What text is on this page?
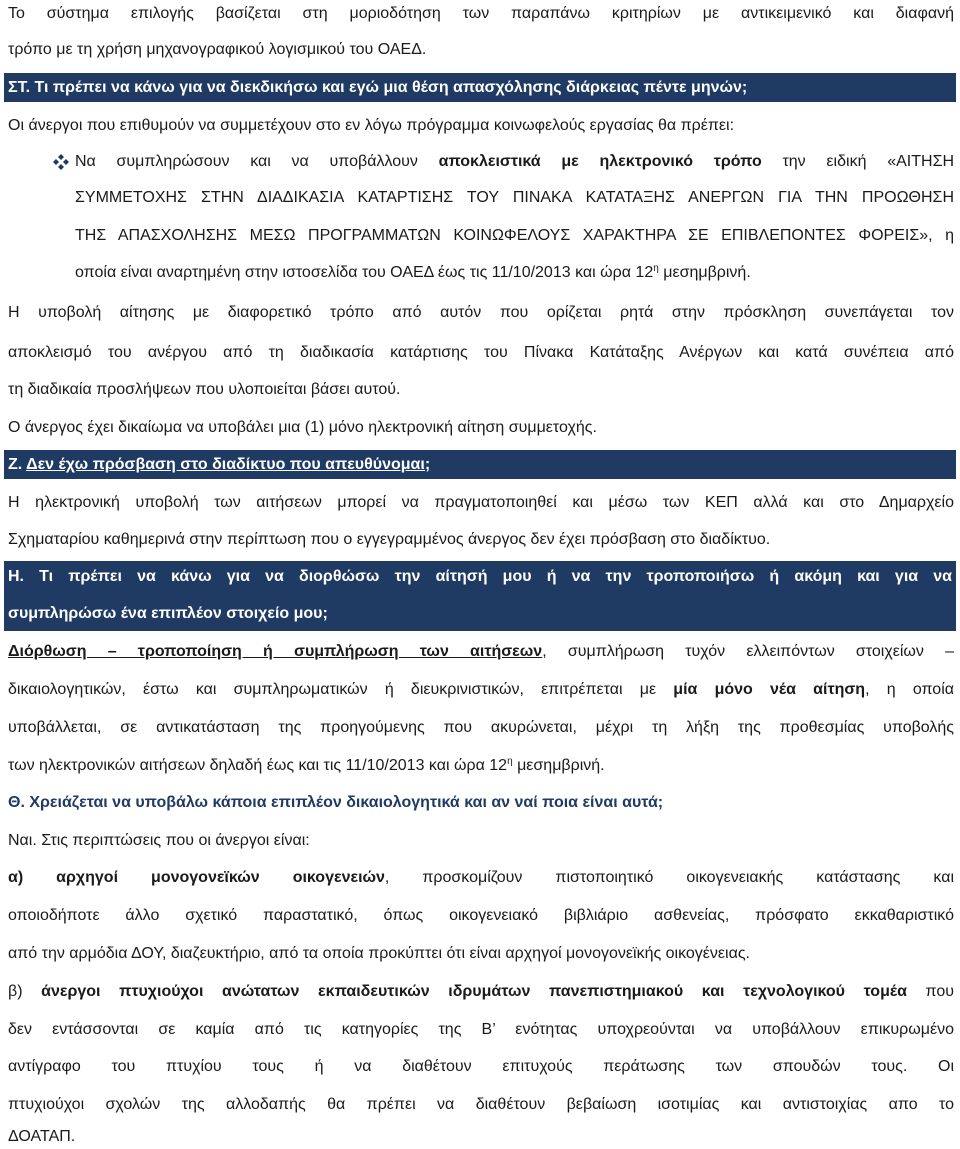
Το σύστημα επιλογής βασίζεται στη μοριοδότηση των παραπάνω κριτηρίων με αντικειμενικό και διαφανή
τρόπο με τη χρήση μηχανογραφικού λογισμικού του ΟΑΕΔ.
ΣΤ. Τι πρέπει να κάνω για να διεκδικήσω και εγώ μια θέση απασχόλησης διάρκειας πέντε μηνών;
Οι άνεργοι που επιθυμούν να συμμετέχουν στο εν λόγω πρόγραμμα κοινωφελούς εργασίας θα πρέπει:
Να συμπληρώσουν και να υποβάλλουν αποκλειστικά με ηλεκτρονικό τρόπο την ειδική «ΑΙΤΗΣΗ
ΣΥΜΜΕΤΟΧΗΣ ΣΤΗΝ ΔΙΑΔΙΚΑΣΙΑ ΚΑΤΑΡΤΙΣΗΣ ΤΟΥ ΠΙΝΑΚΑ ΚΑΤΑΤΑΞΗΣ ΑΝΕΡΓΩΝ ΓΙΑ ΤΗΝ ΠΡΟΩΘΗΣΗ
ΤΗΣ ΑΠΑΣΧΟΛΗΣΗΣ ΜΕΣΩ ΠΡΟΓΡΑΜΜΑΤΩΝ ΚΟΙΝΩΦΕΛΟΥΣ ΧΑΡΑΚΤΗΡΑ ΣΕ ΕΠΙΒΛΕΠΟΝΤΕΣ ΦΟΡΕΙΣ», η
οποία είναι αναρτημένη στην ιστοσελίδα του ΟΑΕΔ έως τις 11/10/2013 και ώρα $12^\eta$ μεσημβρινή.
Η υποβολή αίτησης με διαφορετικό τρόπο από αυτόν που ορίζεται ρητά στην πρόσκληση συνεπάγεται τον
αποκλεισμό του ανέργου από τη διαδικασία κατάρτισης του Πίνακα Κατάταξης Ανέργων και κατά συνέπεια από
τη διαδικαία προσλήψεων που υλοποιείται βάσει αυτού.
Ο άνεργος έχει δικαίωμα να υποβάλει μια (1) μόνο ηλεκτρονική αίτηση συμμετοχής.
Ζ. Δεν έχω πρόσβαση στο διαδίκτυο που απευθύνομαι;
Η ηλεκτρονική υποβολή των αιτήσεων μπορεί να πραγματοποιηθεί και μέσω των ΚΕΠ αλλά και στο Δημαρχείο
Σχηματαρίου καθημερινά στην περίπτωση που ο εγγεγραμμένος άνεργος δεν έχει πρόσβαση στο διαδίκτυο.
Η. Τι πρέπει να κάνω για να διορθώσω την αίτησή μου ή να την τροποποιήσω ή ακόμη και για να
συμπληρώσω ένα επιπλέον στοιχείο μου;
Διόρθωση – τροποποίηση ή συμπλήρωση των αιτήσεων, συμπλήρωση τυχόν ελλειπόντων στοιχείων –
δικαιολογητικών, έστω και συμπληρωματικών ή διευκρινιστικών, επιτρέπεται με μία μόνο νέα αίτηση, η οποία
υποβάλλεται, σε αντικατάσταση της προηγούμενης που ακυρώνεται, μέχρι τη λήξη της προθεσμίας υποβολής
των ηλεκτρονικών αιτήσεων δηλαδή έως και τις 11/10/2013 και ώρα $12^\eta$ μεσημβρινή.
Θ. Χρειάζεται να υποβάλω κάποια επιπλέον δικαιολογητικά και αν ναί ποια είναι αυτά;
Ναι. Στις περιπτώσεις που οι άνεργοι είναι:
α) αρχηγοί μονογονεϊκών οικογενειών, προσκομίζουν πιστοποιητικό οικογενειακής κατάστασης και
οποιοδήποτε άλλο σχετικό παραστατικό, όπως οικογενειακό βιβλιάριο ασθενείας, πρόσφατο εκκαθαριστικό
από την αρμόδια ΔΟΥ, διαζευκτήριο, από τα οποία προκύπτει ότι είναι αρχηγοί μονογονεϊκής οικογένειας.
β) άνεργοι πτυχιούχοι ανώτατων εκπαιδευτικών ιδρυμάτων πανεπιστημιακού και τεχνολογικού τομέα που
δεν εντάσσονται σε καμία από τις κατηγορίες της Β’ ενότητας υποχρεούνται να υποβάλλουν επικυρωμένο
αντίγραφο του πτυχίου τους ή να διαθέτουν επιτυχούς περάτωσης των σπουδών τους. Οι
πτυχιούχοι σχολών της αλλοδαπής θα πρέπει να διαθέτουν βεβαίωση ισοτιμίας και αντιστοιχίας απο το
ΔΟΑΤΑΠ.
